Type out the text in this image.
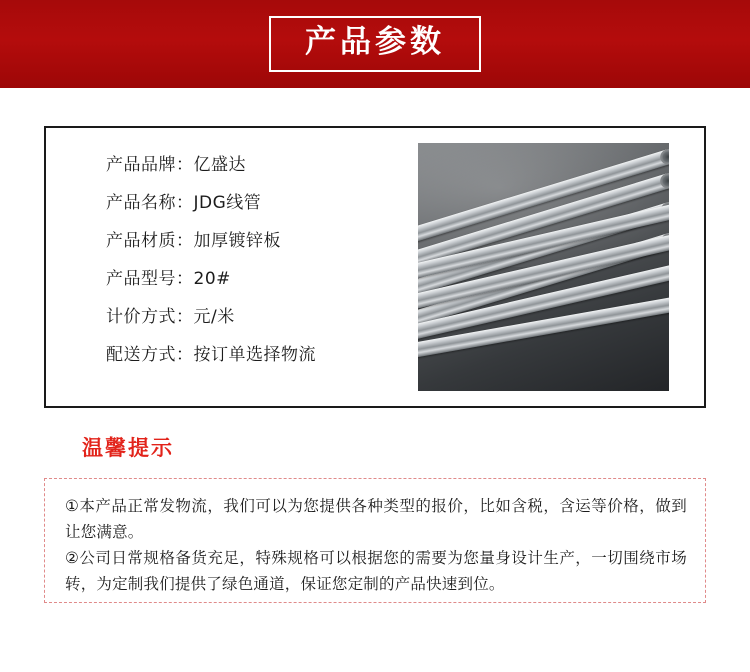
产品参数
产品品牌： 亿盛达
产品名称： JDG线管
产品材质： 加厚镀锌板
产品型号： 20#
计价方式： 元/米
配送方式： 按订单选择物流
温馨提示
①本产品正常发物流，我们可以为您提供各种类型的报价，比如含税，含运等价格，做到让您满意。
②公司日常规格备货充足，特殊规格可以根据您的需要为您量身设计生产，一切围绕市场转，为定制我们提供了绿色通道，保证您定制的产品快速到位。
